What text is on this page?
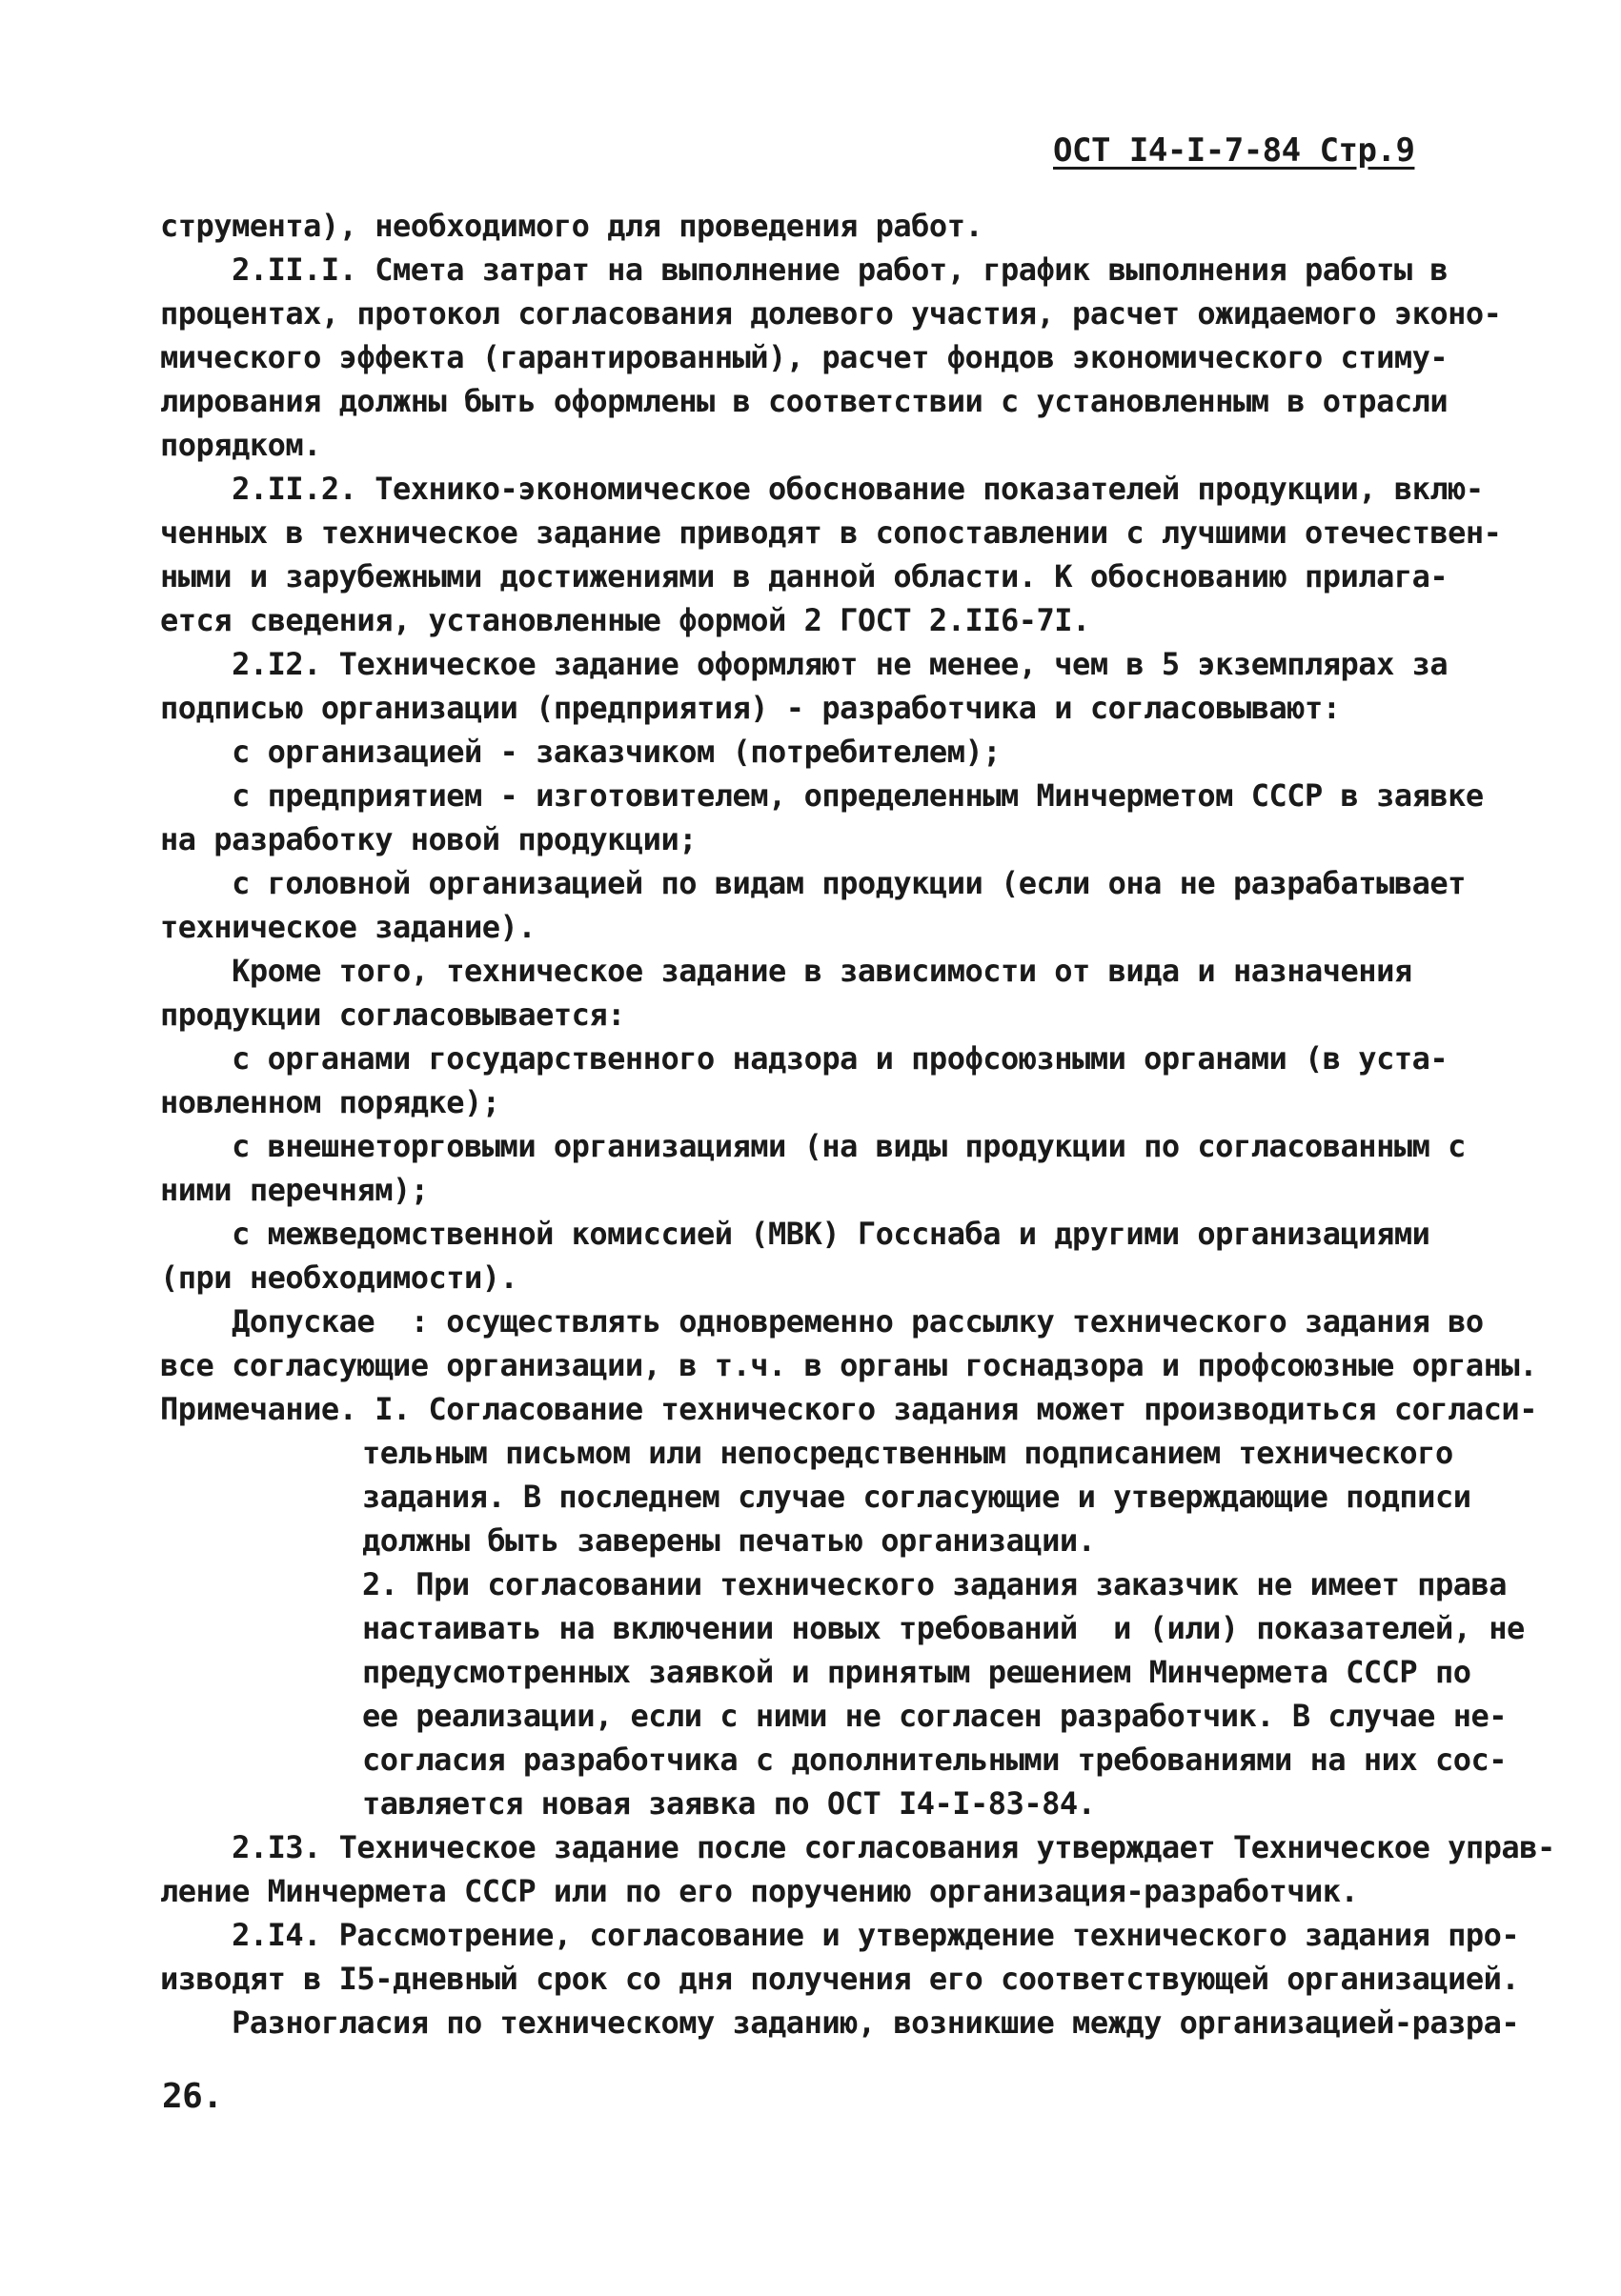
ОСТ I4-I-7-84 Стр.9
струмента), необходимого для проведения работ.
2.II.I. Смета затрат на выполнение работ, график выполнения работы в
процентах, протокол согласования долевого участия, расчет ожидаемого эконо-
мического эффекта (гарантированный), расчет фондов экономического стиму-
лирования должны быть оформлены в соответствии с установленным в отрасли
порядком.
2.II.2. Технико-экономическое обоснование показателей продукции, вклю-
ченных в техническое задание приводят в сопоставлении с лучшими отечествен-
ными и зарубежными достижениями в данной области. К обоснованию прилага-
ется сведения, установленные формой 2 ГОСТ 2.II6-7I.
2.I2. Техническое задание оформляют не менее, чем в 5 экземплярах за
подписью организации (предприятия) - разработчика и согласовывают:
с организацией - заказчиком (потребителем);
с предприятием - изготовителем, определенным Минчерметом СССР в заявке
на разработку новой продукции;
с головной организацией по видам продукции (если она не разрабатывает
техническое задание).
Кроме того, техническое задание в зависимости от вида и назначения
продукции согласовывается:
с органами государственного надзора и профсоюзными органами (в уста-
новленном порядке);
с внешнеторговыми организациями (на виды продукции по согласованным с
ними перечням);
с межведомственной комиссией (МВК) Госснаба и другими организациями
(при необходимости).
Допускае  : осуществлять одновременно рассылку технического задания во
все согласующие организации, в т.ч. в органы госнадзора и профсоюзные органы.
Примечание. I. Согласование технического задания может производиться согласи-
тельным письмом или непосредственным подписанием технического
задания. В последнем случае согласующие и утверждающие подписи
должны быть заверены печатью организации.
2. При согласовании технического задания заказчик не имеет права
настаивать на включении новых требований  и (или) показателей, не
предусмотренных заявкой и принятым решением Минчермета СССР по
ее реализации, если с ними не согласен разработчик. В случае не-
согласия разработчика с дополнительными требованиями на них сос-
тавляется новая заявка по ОСТ I4-I-83-84.
2.I3. Техническое задание после согласования утверждает Техническое управ-
ление Минчермета СССР или по его поручению организация-разработчик.
2.I4. Рассмотрение, согласование и утверждение технического задания про-
изводят в I5-дневный срок со дня получения его соответствующей организацией.
Разногласия по техническому заданию, возникшие между организацией-разра-
26.
